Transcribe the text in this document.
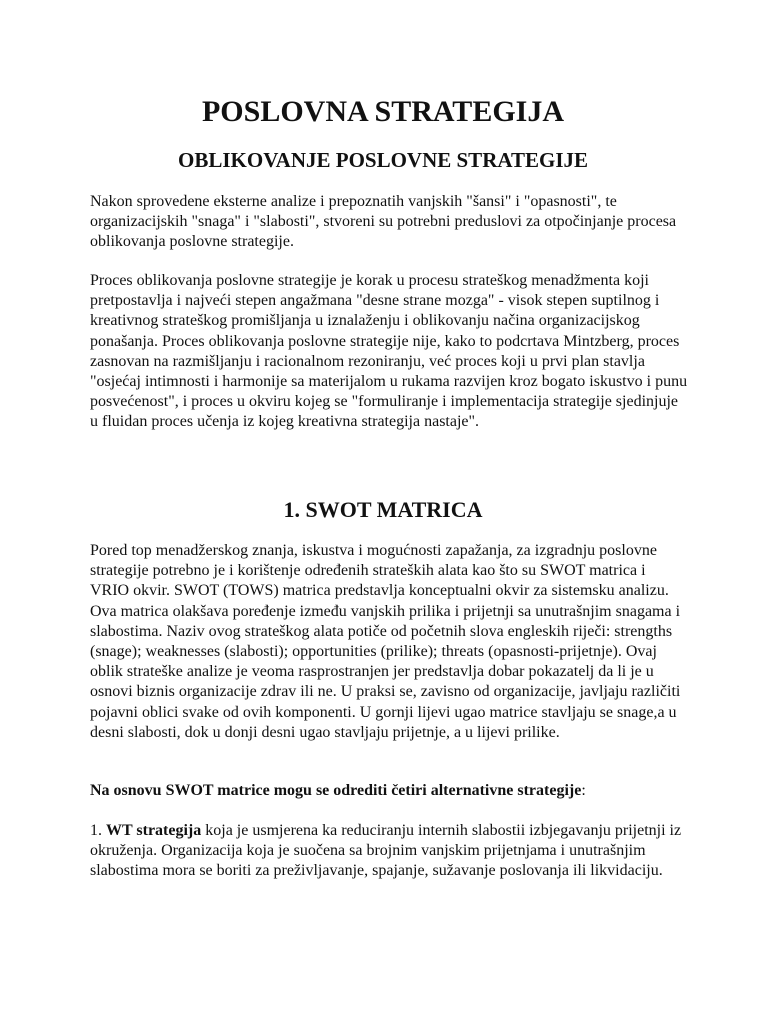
POSLOVNA STRATEGIJA
OBLIKOVANJE POSLOVNE STRATEGIJE

Nakon sprovedene eksterne analize i prepoznatih vanjskih "šansi" i "opasnosti", te organizacijskih "snaga" i "slabosti", stvoreni su potrebni preduslovi za otpočinjanje procesa oblikovanja poslovne strategije.

Proces oblikovanja poslovne strategije je korak u procesu strateškog menadžmenta koji pretpostavlja i najveći stepen angažmana "desne strane mozga" - visok stepen suptilnog i kreativnog strateškog promišljanja u iznalaženju i oblikovanju načina organizacijskog ponašanja. Proces oblikovanja poslovne strategije nije, kako to podcrtava Mintzberg, proces zasnovan na razmišljanju i racionalnom rezoniranju, već proces koji u prvi plan stavlja "osjećaj intimnosti i harmonije sa materijalom u rukama razvijen kroz bogato iskustvo i punu posvećenost", i proces u okviru kojeg se "formuliranje i implementacija strategije sjedinjuje u fluidan proces učenja iz kojeg kreativna strategija nastaje".

1. SWOT MATRICA

Pored top menadžerskog znanja, iskustva i mogućnosti zapažanja, za izgradnju poslovne strategije potrebno je i korištenje određenih strateških alata kao što su SWOT matrica i VRIO okvir. SWOT (TOWS) matrica predstavlja konceptualni okvir za sistemsku analizu. Ova matrica olakšava poređenje između vanjskih prilika i prijetnji sa unutrašnjim snagama i slabostima. Naziv ovog strateškog alata potiče od početnih slova engleskih riječi: strengths (snage); weaknesses (slabosti); opportunities (prilike); threats (opasnosti-prijetnje). Ovaj oblik strateške analize je veoma rasprostranjen jer predstavlja dobar pokazatelj da li je u osnovi biznis organizacije zdrav ili ne. U praksi se, zavisno od organizacije, javljaju različiti pojavni oblici svake od ovih komponenti. U gornji lijevi ugao matrice stavljaju se snage,a u desni slabosti, dok u donji desni ugao stavljaju prijetnje, a u lijevi prilike.

Na osnovu SWOT matrice mogu se odrediti četiri alternativne strategije:

1. WT strategija koja je usmjerena ka reduciranju internih slabostii izbjegavanju prijetnji iz okruženja. Organizacija koja je suočena sa brojnim vanjskim prijetnjama i unutrašnjim slabostima mora se boriti za preživljavanje, spajanje, sužavanje poslovanja ili likvidaciju.
